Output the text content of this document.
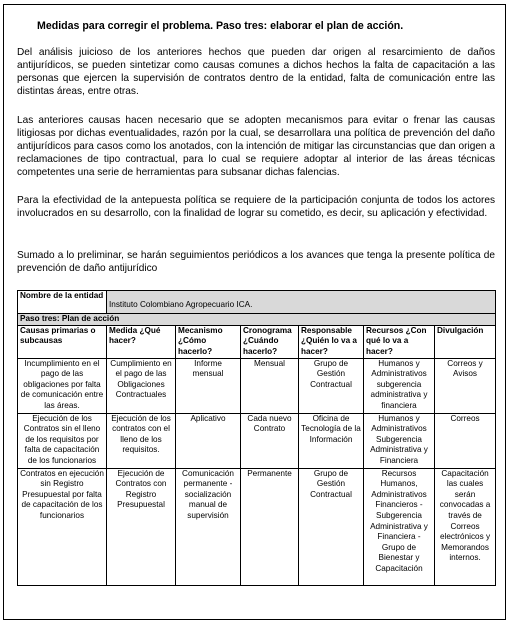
Medidas para corregir el problema. Paso tres: elaborar el plan de acción.

Del análisis juicioso de los anteriores hechos que pueden dar origen al resarcimiento de daños antijurídicos, se pueden sintetizar como causas comunes a dichos hechos la falta de capacitación a las personas que ejercen la supervisión de contratos dentro de la entidad, falta de comunicación entre las distintas áreas, entre otras.

Las anteriores causas hacen necesario que se adopten mecanismos para evitar o frenar las causas litigiosas por dichas eventualidades, razón por la cual, se desarrollara una política de prevención del daño antijurídicos para casos como los anotados, con la intención de mitigar las circunstancias que dan origen a reclamaciones de tipo contractual, para lo cual se requiere adoptar al interior de las áreas técnicas competentes una serie de herramientas para subsanar dichas falencias.

Para la efectividad de la antepuesta política se requiere de la participación conjunta de todos los actores involucrados en su desarrollo, con la finalidad de lograr su cometido, es decir, su aplicación y efectividad.

Sumado a lo preliminar, se harán seguimientos periódicos a los avances que tenga la presente política de prevención de daño antijurídico

Nombre de la entidad	Instituto Colombiano Agropecuario ICA.					
Paso tres: Plan de acción						
Causas primarias o subcausas	Medida ¿Qué hacer?	Mecanismo ¿Cómo hacerlo?	Cronograma ¿Cuándo hacerlo?	Responsable ¿Quién lo va a hacer?	Recursos ¿Con qué lo va a hacer?	Divulgación
Incumplimiento en el pago de las obligaciones por falta de comunicación entre las áreas.	Cumplimiento en el pago de las Obligaciones Contractuales	Informe mensual	Mensual	Grupo de Gestión Contractual	Humanos y Administrativos subgerencia administrativa y financiera	Correos y Avisos
Ejecución de los Contratos sin el lleno de los requisitos por falta de capacitación de los funcionarios	Ejecución de los contratos con el lleno de los requisitos.	Aplicativo	Cada nuevo Contrato	Oficina de Tecnología de la Información	Humanos y Administrativos Subgerencia Administrativa y Financiera	Correos
Contratos en ejecución sin Registro Presupuestal por falta de capacitación de los funcionarios	Ejecución de Contratos con Registro Presupuestal	Comunicación permanente - socialización manual de supervisión	Permanente	Grupo de Gestión Contractual	Recursos Humanos, Administrativos Financieros - Subgerencia Administrativa y Financiera - Grupo de Bienestar y Capacitación	Capacitación las cuales serán convocadas a través de Correos electrónicos y Memorandos internos.
